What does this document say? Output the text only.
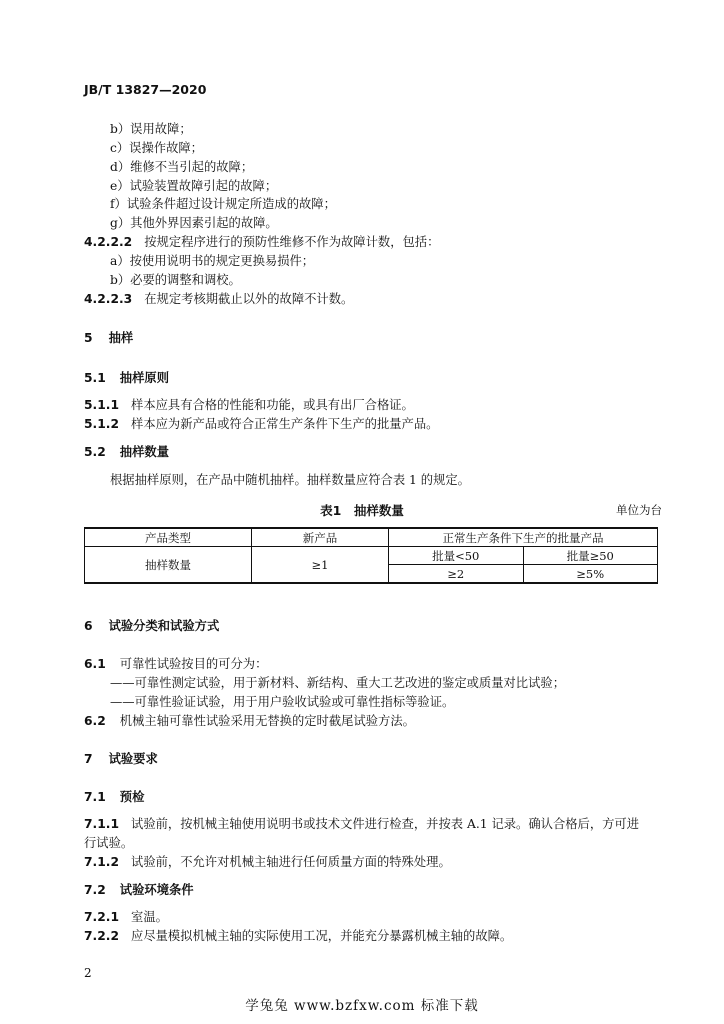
JB/T 13827—2020
b）误用故障；
c）误操作故障；
d）维修不当引起的故障；
e）试验装置故障引起的故障；
f）试验条件超过设计规定所造成的故障；
g）其他外界因素引起的故障。
4.2.2.2 按规定程序进行的预防性维修不作为故障计数，包括：
a）按使用说明书的规定更换易损件；
b）必要的调整和调校。
4.2.2.3 在规定考核期截止以外的故障不计数。
5 抽样
5.1 抽样原则
5.1.1 样本应具有合格的性能和功能，或具有出厂合格证。
5.1.2 样本应为新产品或符合正常生产条件下生产的批量产品。
5.2 抽样数量
根据抽样原则，在产品中随机抽样。抽样数量应符合表 1 的规定。
表1　抽样数量	单位为台
产品类型	新产品	正常生产条件下生产的批量产品	
抽样数量	≥1	批量<50	批量≥50
		≥2	≥5%
6 试验分类和试验方式
6.1 可靠性试验按目的可分为：
——可靠性测定试验，用于新材料、新结构、重大工艺改进的鉴定或质量对比试验；
——可靠性验证试验，用于用户验收试验或可靠性指标等验证。
6.2 机械主轴可靠性试验采用无替换的定时截尾试验方法。
7 试验要求
7.1 预检
7.1.1 试验前，按机械主轴使用说明书或技术文件进行检查，并按表 A.1 记录。确认合格后，方可进
行试验。
7.1.2 试验前，不允许对机械主轴进行任何质量方面的特殊处理。
7.2 试验环境条件
7.2.1 室温。
7.2.2 应尽量模拟机械主轴的实际使用工况，并能充分暴露机械主轴的故障。
2
学兔兔 www.bzfxw.com 标准下载
